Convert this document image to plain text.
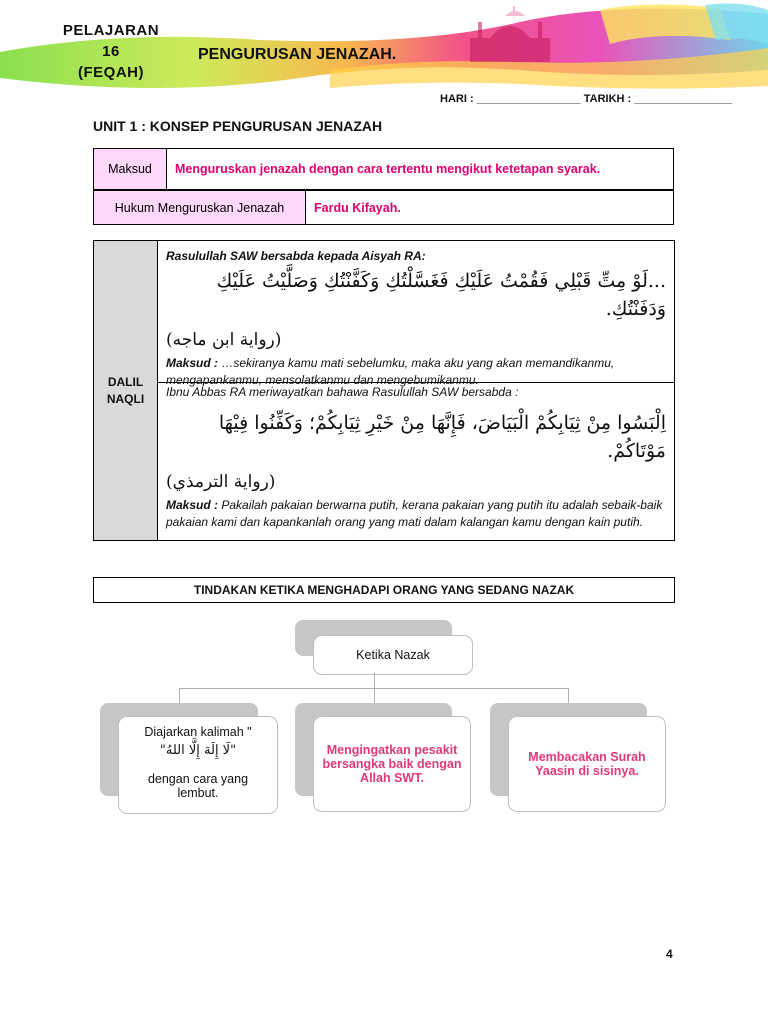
PELAJARAN
16
(FEQAH)
PENGURUSAN JENAZAH.
HARI : _________________ TARIKH : ________________
UNIT 1 : KONSEP PENGURUSAN JENAZAH
Maksud	Menguruskan jenazah dengan cara tertentu mengikut ketetapan syarak.
Hukum Menguruskan Jenazah	Fardu Kifayah.
DALIL
NAQLI
Rasulullah SAW bersabda kepada Aisyah RA:
...لَوْ مِتِّ قَبْلِي فَقُمْتُ عَلَيْكِ فَغَسَّلْتُكِ وَكَفَّنْتُكِ وَصَلَّيْتُ عَلَيْكِ وَدَفَنْتُكِ.
(رواية ابن ماجه)
Maksud : …sekiranya kamu mati sebelumku, maka aku yang akan memandikanmu, mengapankanmu, mensolatkanmu dan mengebumikanmu.
Ibnu Abbas RA meriwayatkan bahawa Rasulullah SAW bersabda :
اِلْبَسُوا مِنْ ثِيَابِكُمْ الْبَيَاضَ، فَإِنَّهَا مِنْ خَيْرِ ثِيَابِكُمْ؛ وَكَفِّنُوا فِيْهَا مَوْتَاكُمْ.
(رواية الترمذي)
Maksud : Pakailah pakaian berwarna putih, kerana pakaian yang putih itu adalah sebaik-baik pakaian kami dan kapankanlah orang yang mati dalam kalangan kamu dengan kain putih.
TINDAKAN KETIKA MENGHADAPI ORANG YANG SEDANG NAZAK
Ketika Nazak
Diajarkan kalimah "
"لَا إِلَهَ إِلَّا اللهُ"
dengan cara yang lembut.
Mengingatkan pesakit bersangka baik dengan Allah SWT.
Membacakan Surah Yaasin di sisinya.
4
